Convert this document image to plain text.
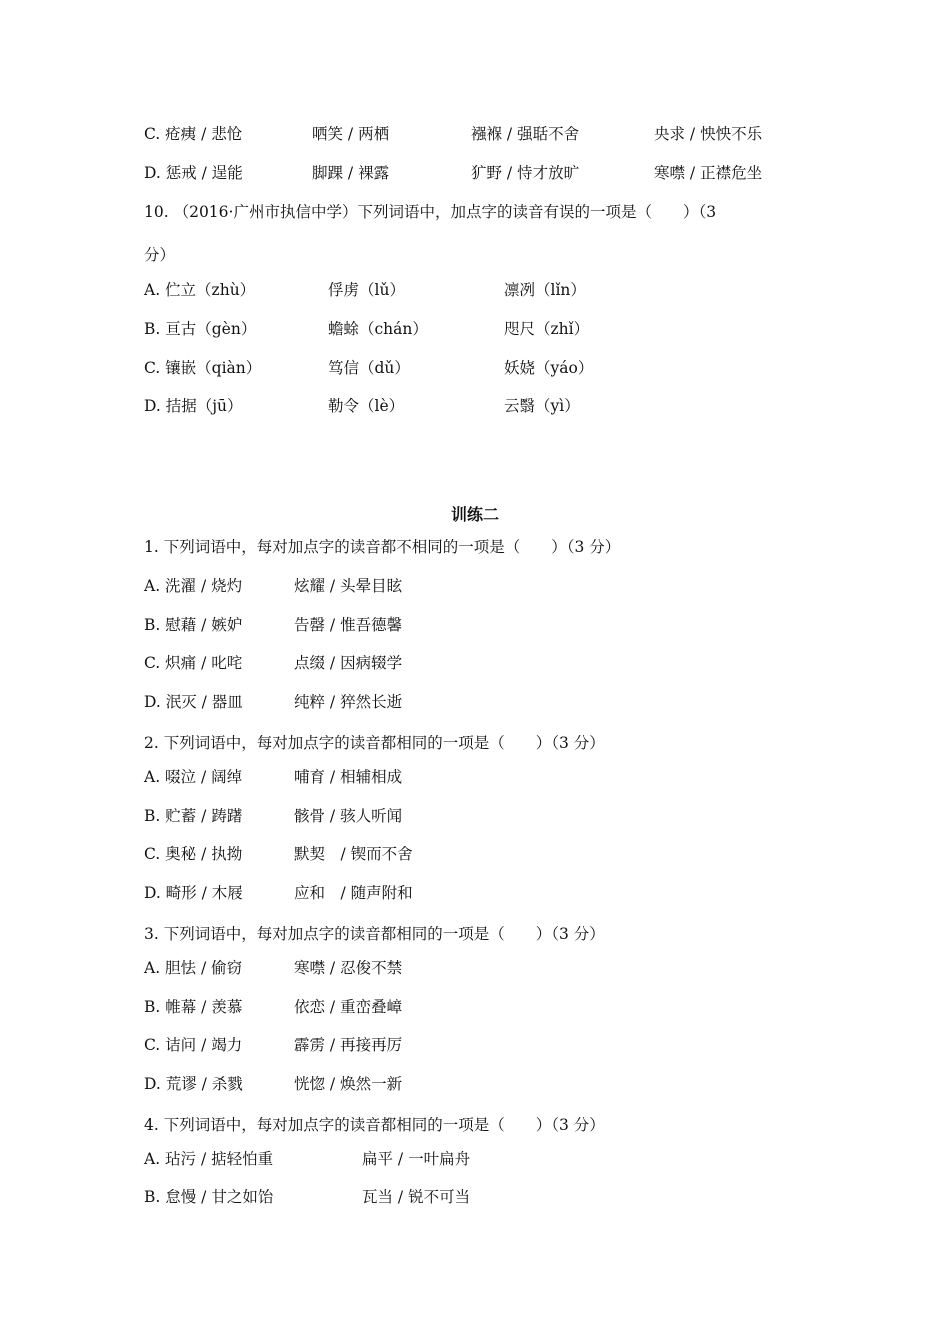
训练二
C. 疮痍 / 悲怆	哂笑 / 两栖	襁褓 / 强聒不舍	央求 / 怏怏不乐
D. 惩戒 / 逞能	脚踝 / 裸露	犷野 / 恃才放旷	寒噤 / 正襟危坐
10. （2016·广州市执信中学）下列词语中，加点字的读音有误的一项是（　　）（3
分）
A. 伫立（zhù）	俘虏（lǔ）	凛冽（lǐn）
B. 亘古（gèn）	蟾蜍（chán）	咫尺（zhǐ）
C. 镶嵌（qiàn）	笃信（dǔ）	妖娆（yáo）
D. 拮据（jū）	勒令（lè）	云翳（yì）
1. 下列词语中，每对加点字的读音都不相同的一项是（　　）（3 分）
A. 洗濯 / 烧灼	炫耀 / 头晕目眩
B. 慰藉 / 嫉妒	告罄 / 惟吾德馨
C. 炽痛 / 叱咤	点缀 / 因病辍学
D. 泯灭 / 器皿	纯粹 / 猝然长逝
2. 下列词语中，每对加点字的读音都相同的一项是（　　）（3 分）
A. 啜泣 / 阔绰	哺育 / 相辅相成
B. 贮蓄 / 踌躇	骸骨 / 骇人听闻
C. 奥秘 / 执拗	默契　/ 锲而不舍
D. 畸形 / 木屐	应和　/ 随声附和
3. 下列词语中，每对加点字的读音都相同的一项是（　　）（3 分）
A. 胆怯 / 偷窃	寒噤 / 忍俊不禁
B. 帷幕 / 羡慕	依恋 / 重峦叠嶂
C. 诘问 / 竭力	霹雳 / 再接再厉
D. 荒谬 / 杀戮	恍惚 / 焕然一新
4. 下列词语中，每对加点字的读音都相同的一项是（　　）（3 分）
A. 玷污 / 掂轻怕重	扁平 / 一叶扁舟
B. 怠慢 / 甘之如饴	瓦当 / 锐不可当
